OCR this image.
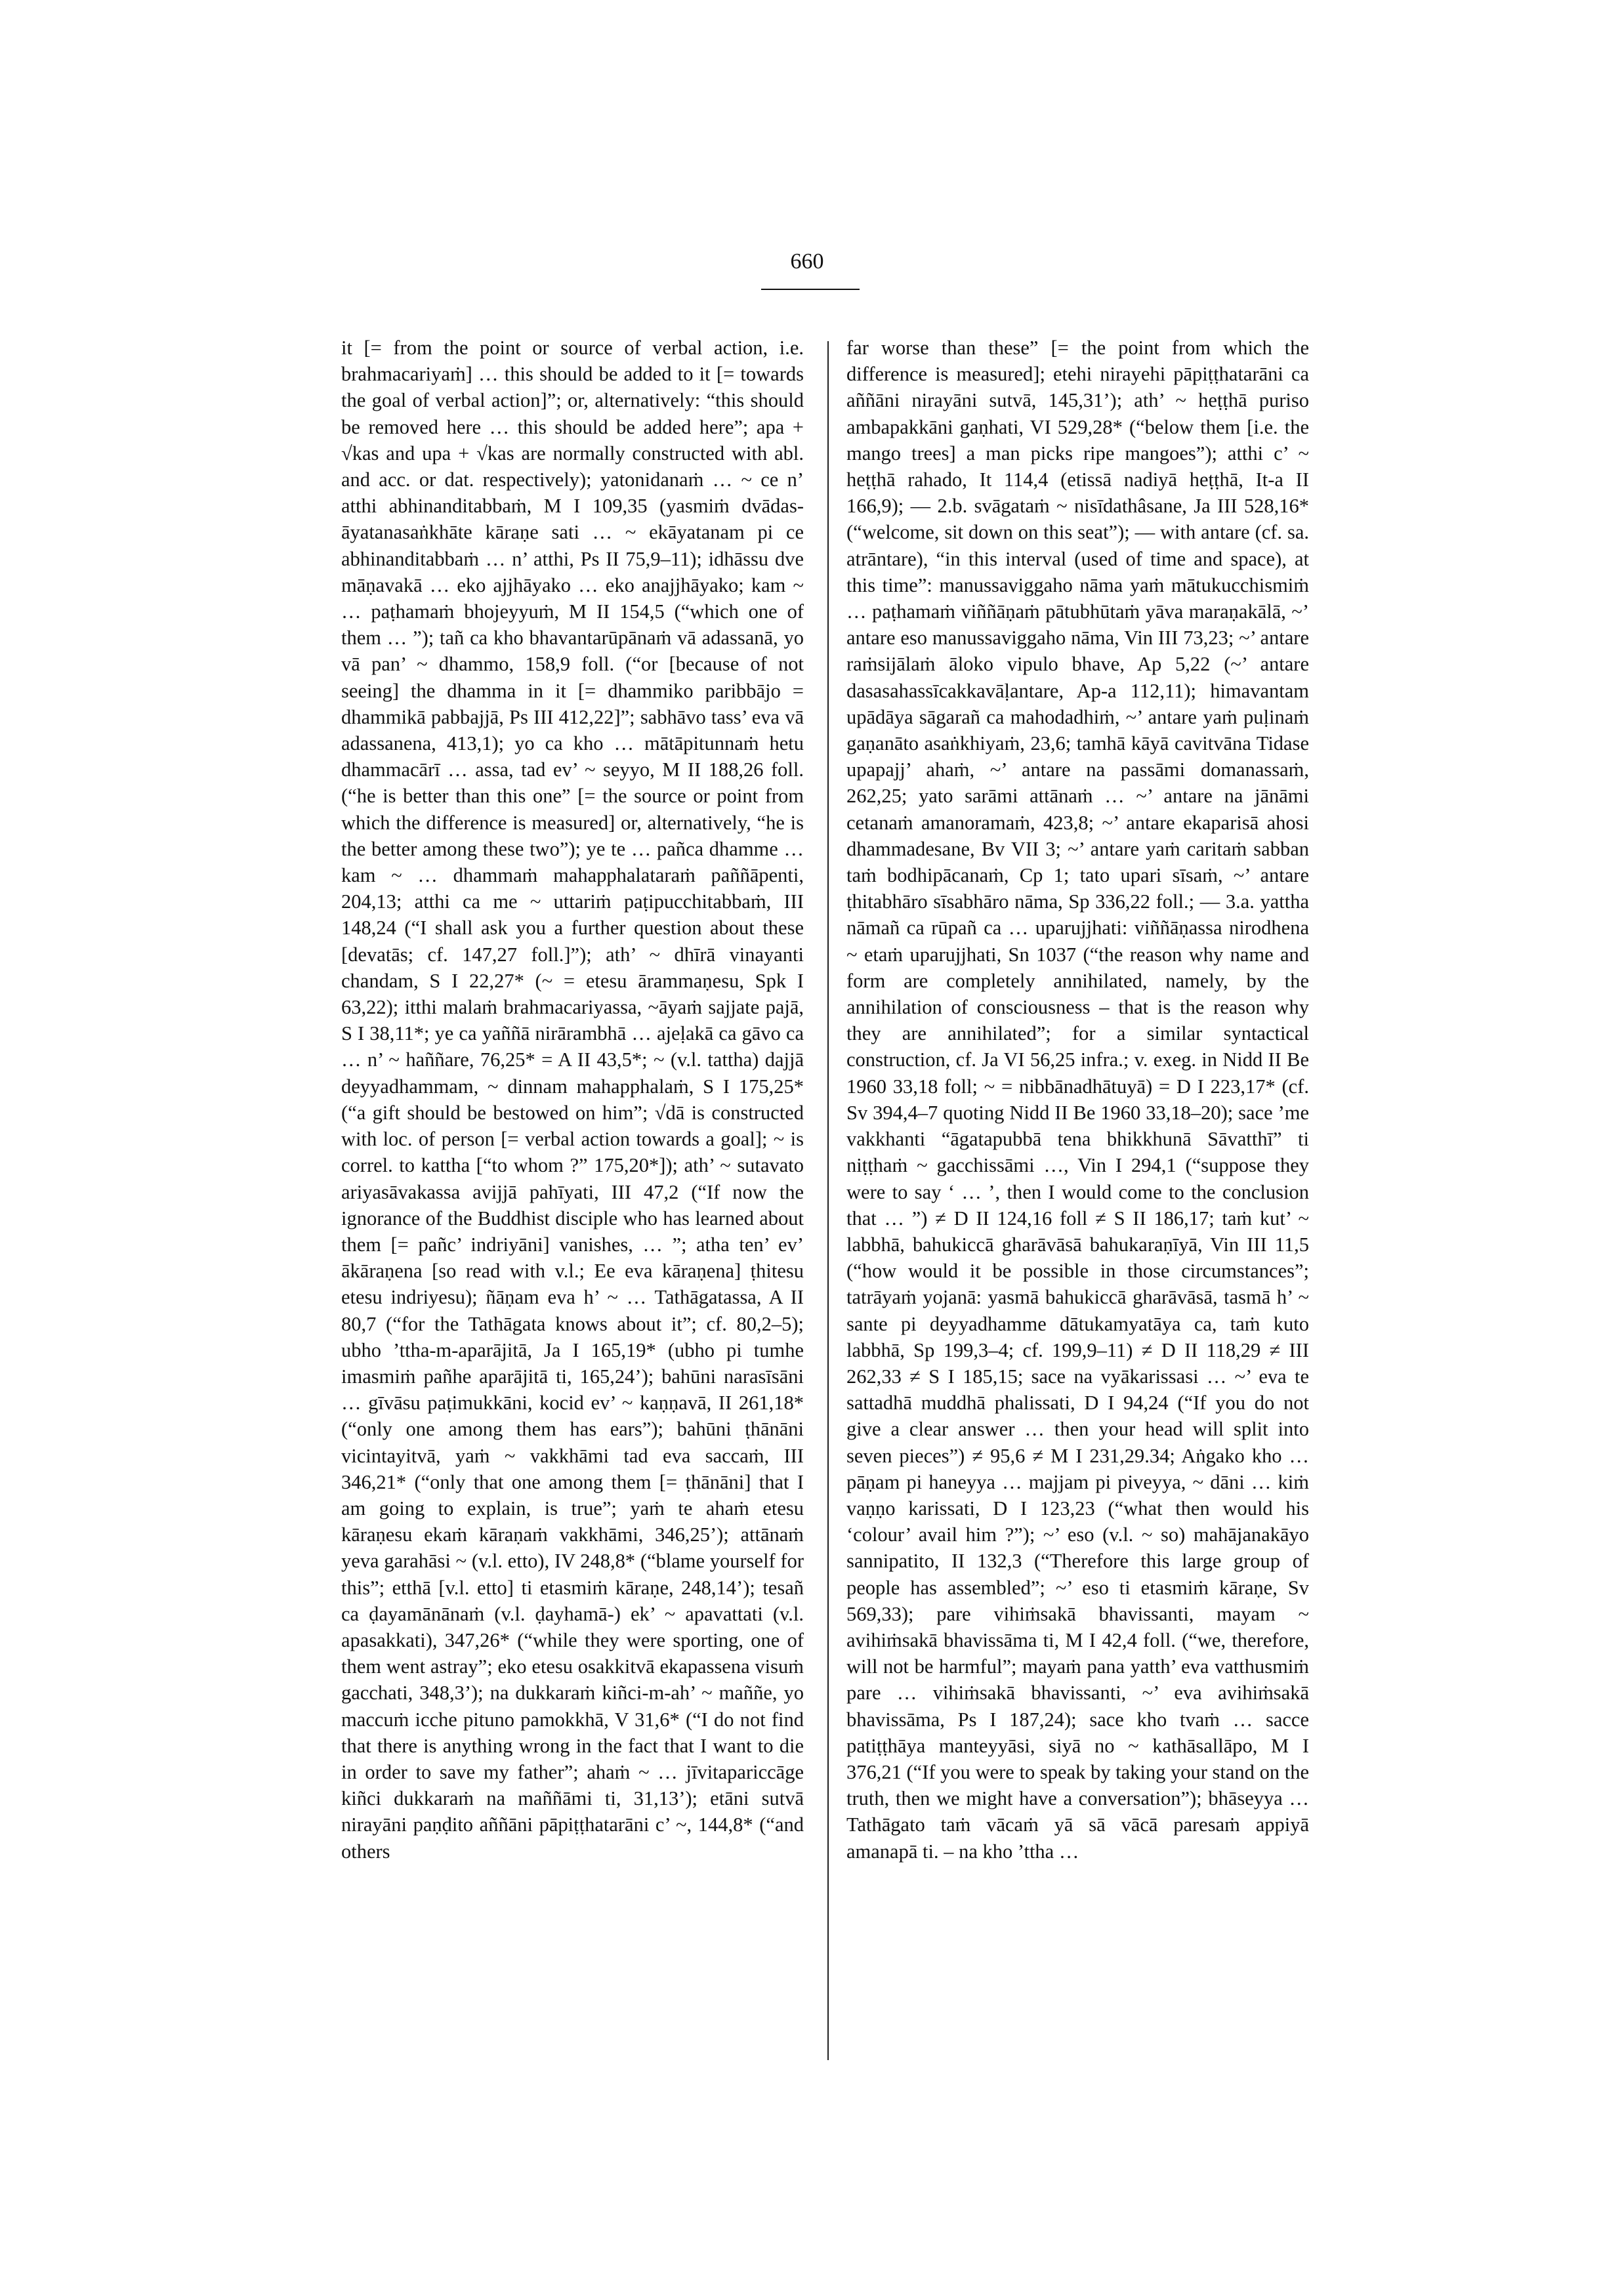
660

it [= from the point or source of verbal action, i.e. brahmacariyaṁ] … this should be added to it [= towards the goal of verbal action]”; or, alternatively: “this should be removed here … this should be added here”; apa + √kas and upa + √kas are normally constructed with abl. and acc. or dat. respectively); yatonidanaṁ … ~ ce n’ atthi abhinanditabbaṁ, M I 109,35 (yasmiṁ dvādas-āyatanasaṅkhāte kāraṇe sati … ~ ekāyatanam pi ce abhinanditabbaṁ … n’ atthi, Ps II 75,9–11); idhāssu dve māṇavakā … eko ajjhāyako … eko anajjhāyako; kam ~ … paṭhamaṁ bhojeyyuṁ, M II 154,5 (“which one of them … ”); tañ ca kho bhavantarūpānaṁ vā adassanā, yo vā pan’ ~ dhammo, 158,9 foll. (“or [because of not seeing] the dhamma in it [= dhammiko paribbājo = dhammikā pabbajjā, Ps III 412,22]”; sabhāvo tass’ eva vā adassanena, 413,1); yo ca kho … mātāpitunnaṁ hetu dhammacārī … assa, tad ev’ ~ seyyo, M II 188,26 foll. (“he is better than this one” [= the source or point from which the difference is measured] or, alternatively, “he is the better among these two”); ye te … pañca dhamme … kam ~ … dhammaṁ mahapphalataraṁ paññāpenti, 204,13; atthi ca me ~ uttariṁ paṭipucchitabbaṁ, III 148,24 (“I shall ask you a further question about these [devatās; cf. 147,27 foll.]”); ath’ ~ dhīrā vinayanti chandam, S I 22,27* (~ = etesu ārammaṇesu, Spk I 63,22); itthi malaṁ brahmacariyassa, ~āyaṁ sajjate pajā, S I 38,11*; ye ca yaññā nirārambhā … ajeḷakā ca gāvo ca … n’ ~ haññare, 76,25* = A II 43,5*; ~ (v.l. tattha) dajjā deyyadhammam, ~ dinnam mahapphalaṁ, S I 175,25* (“a gift should be bestowed on him”; √dā is constructed with loc. of person [= verbal action towards a goal]; ~ is correl. to kattha [“to whom ?” 175,20*]); ath’ ~ sutavato ariyasāvakassa avijjā pahīyati, III 47,2 (“If now the ignorance of the Buddhist disciple who has learned about them [= pañc’ indriyāni] vanishes, … ”; atha ten’ ev’ ākāraṇena [so read with v.l.; Ee eva kāraṇena] ṭhitesu etesu indriyesu); ñāṇam eva h’ ~ … Tathāgatassa, A II 80,7 (“for the Tathāgata knows about it”; cf. 80,2–5); ubho ’ttha-m-aparājitā, Ja I 165,19* (ubho pi tumhe imasmiṁ pañhe aparājitā ti, 165,24’); bahūni narasīsāni … gīvāsu paṭimukkāni, kocid ev’ ~ kaṇṇavā, II 261,18* (“only one among them has ears”); bahūni ṭhānāni vicintayitvā, yaṁ ~ vakkhāmi tad eva saccaṁ, III 346,21* (“only that one among them [= ṭhānāni] that I am going to explain, is true”; yaṁ te ahaṁ etesu kāraṇesu ekaṁ kāraṇaṁ vakkhāmi, 346,25’); attānaṁ yeva garahāsi ~ (v.l. etto), IV 248,8* (“blame yourself for this”; etthā [v.l. etto] ti etasmiṁ kāraṇe, 248,14’); tesañ ca ḍayamānānaṁ (v.l. ḍayhamā-) ek’ ~ apavattati (v.l. apasakkati), 347,26* (“while they were sporting, one of them went astray”; eko etesu osakkitvā ekapassena visuṁ gacchati, 348,3’); na dukkaraṁ kiñci-m-ah’ ~ maññe, yo maccuṁ icche pituno pamokkhā, V 31,6* (“I do not find that there is anything wrong in the fact that I want to die in order to save my father”; ahaṁ ~ … jīvitapariccāge kiñci dukkaraṁ na maññāmi ti, 31,13’); etāni sutvā nirayāni paṇḍito aññāni pāpiṭṭhatarāni c’ ~, 144,8* (“and others

far worse than these” [= the point from which the difference is measured]; etehi nirayehi pāpiṭṭhatarāni ca aññāni nirayāni sutvā, 145,31’); ath’ ~ heṭṭhā puriso ambapakkāni gaṇhati, VI 529,28* (“below them [i.e. the mango trees] a man picks ripe mangoes”); atthi c’ ~ heṭṭhā rahado, It 114,4 (etissā nadiyā heṭṭhā, It-a II 166,9); — 2.b. svāgataṁ ~ nisīdathâsane, Ja III 528,16* (“welcome, sit down on this seat”); — with antare (cf. sa. atrāntare), “in this interval (used of time and space), at this time”: manussaviggaho nāma yaṁ mātukucchismiṁ … paṭhamaṁ viññāṇaṁ pātubhūtaṁ yāva maraṇakālā, ~’ antare eso manussaviggaho nāma, Vin III 73,23; ~’ antare raṁsijālaṁ āloko vipulo bhave, Ap 5,22 (~’ antare dasasahassīcakkavāḷantare, Ap-a 112,11); himavantam upādāya sāgarañ ca mahodadhiṁ, ~’ antare yaṁ puḷinaṁ gaṇanāto asaṅkhiyaṁ, 23,6; tamhā kāyā cavitvāna Tidase upapajj’ ahaṁ, ~’ antare na passāmi domanassaṁ, 262,25; yato sarāmi attānaṁ … ~’ antare na jānāmi cetanaṁ amanoramaṁ, 423,8; ~’ antare ekaparisā ahosi dhammadesane, Bv VII 3; ~’ antare yaṁ caritaṁ sabban taṁ bodhipācanaṁ, Cp 1; tato upari sīsaṁ, ~’ antare ṭhitabhāro sīsabhāro nāma, Sp 336,22 foll.; — 3.a. yattha nāmañ ca rūpañ ca … uparujjhati: viññāṇassa nirodhena ~ etaṁ uparujjhati, Sn 1037 (“the reason why name and form are completely annihilated, namely, by the annihilation of consciousness – that is the reason why they are annihilated”; for a similar syntactical construction, cf. Ja VI 56,25 infra.; v. exeg. in Nidd II Be 1960 33,18 foll; ~ = nibbānadhātuyā) = D I 223,17* (cf. Sv 394,4–7 quoting Nidd II Be 1960 33,18–20); sace ’me vakkhanti “āgatapubbā tena bhikkhunā Sāvatthī” ti niṭṭhaṁ ~ gacchissāmi …, Vin I 294,1 (“suppose they were to say ‘ … ’, then I would come to the conclusion that … ”) ≠ D II 124,16 foll ≠ S II 186,17; taṁ kut’ ~ labbhā, bahukiccā gharāvāsā bahukaraṇīyā, Vin III 11,5 (“how would it be possible in those circumstances”; tatrāyaṁ yojanā: yasmā bahukiccā gharāvāsā, tasmā h’ ~ sante pi deyyadhamme dātukamyatāya ca, taṁ kuto labbhā, Sp 199,3–4; cf. 199,9–11) ≠ D II 118,29 ≠ III 262,33 ≠ S I 185,15; sace na vyākarissasi … ~’ eva te sattadhā muddhā phalissati, D I 94,24 (“If you do not give a clear answer … then your head will split into seven pieces”) ≠ 95,6 ≠ M I 231,29.34; Aṅgako kho … pāṇam pi haneyya … majjam pi piveyya, ~ dāni … kiṁ vaṇṇo karissati, D I 123,23 (“what then would his ‘colour’ avail him ?”); ~’ eso (v.l. ~ so) mahājanakāyo sannipatito, II 132,3 (“Therefore this large group of people has assembled”; ~’ eso ti etasmiṁ kāraṇe, Sv 569,33); pare vihiṁsakā bhavissanti, mayam ~ avihiṁsakā bhavissāma ti, M I 42,4 foll. (“we, therefore, will not be harmful”; mayaṁ pana yatth’ eva vatthusmiṁ pare … vihiṁsakā bhavissanti, ~’ eva avihiṁsakā bhavissāma, Ps I 187,24); sace kho tvaṁ … sacce patiṭṭhāya manteyyāsi, siyā no ~ kathāsallāpo, M I 376,21 (“If you were to speak by taking your stand on the truth, then we might have a conversation”); bhāseyya … Tathāgato taṁ vācaṁ yā sā vācā paresaṁ appiyā amanapā ti. – na kho ’ttha …
